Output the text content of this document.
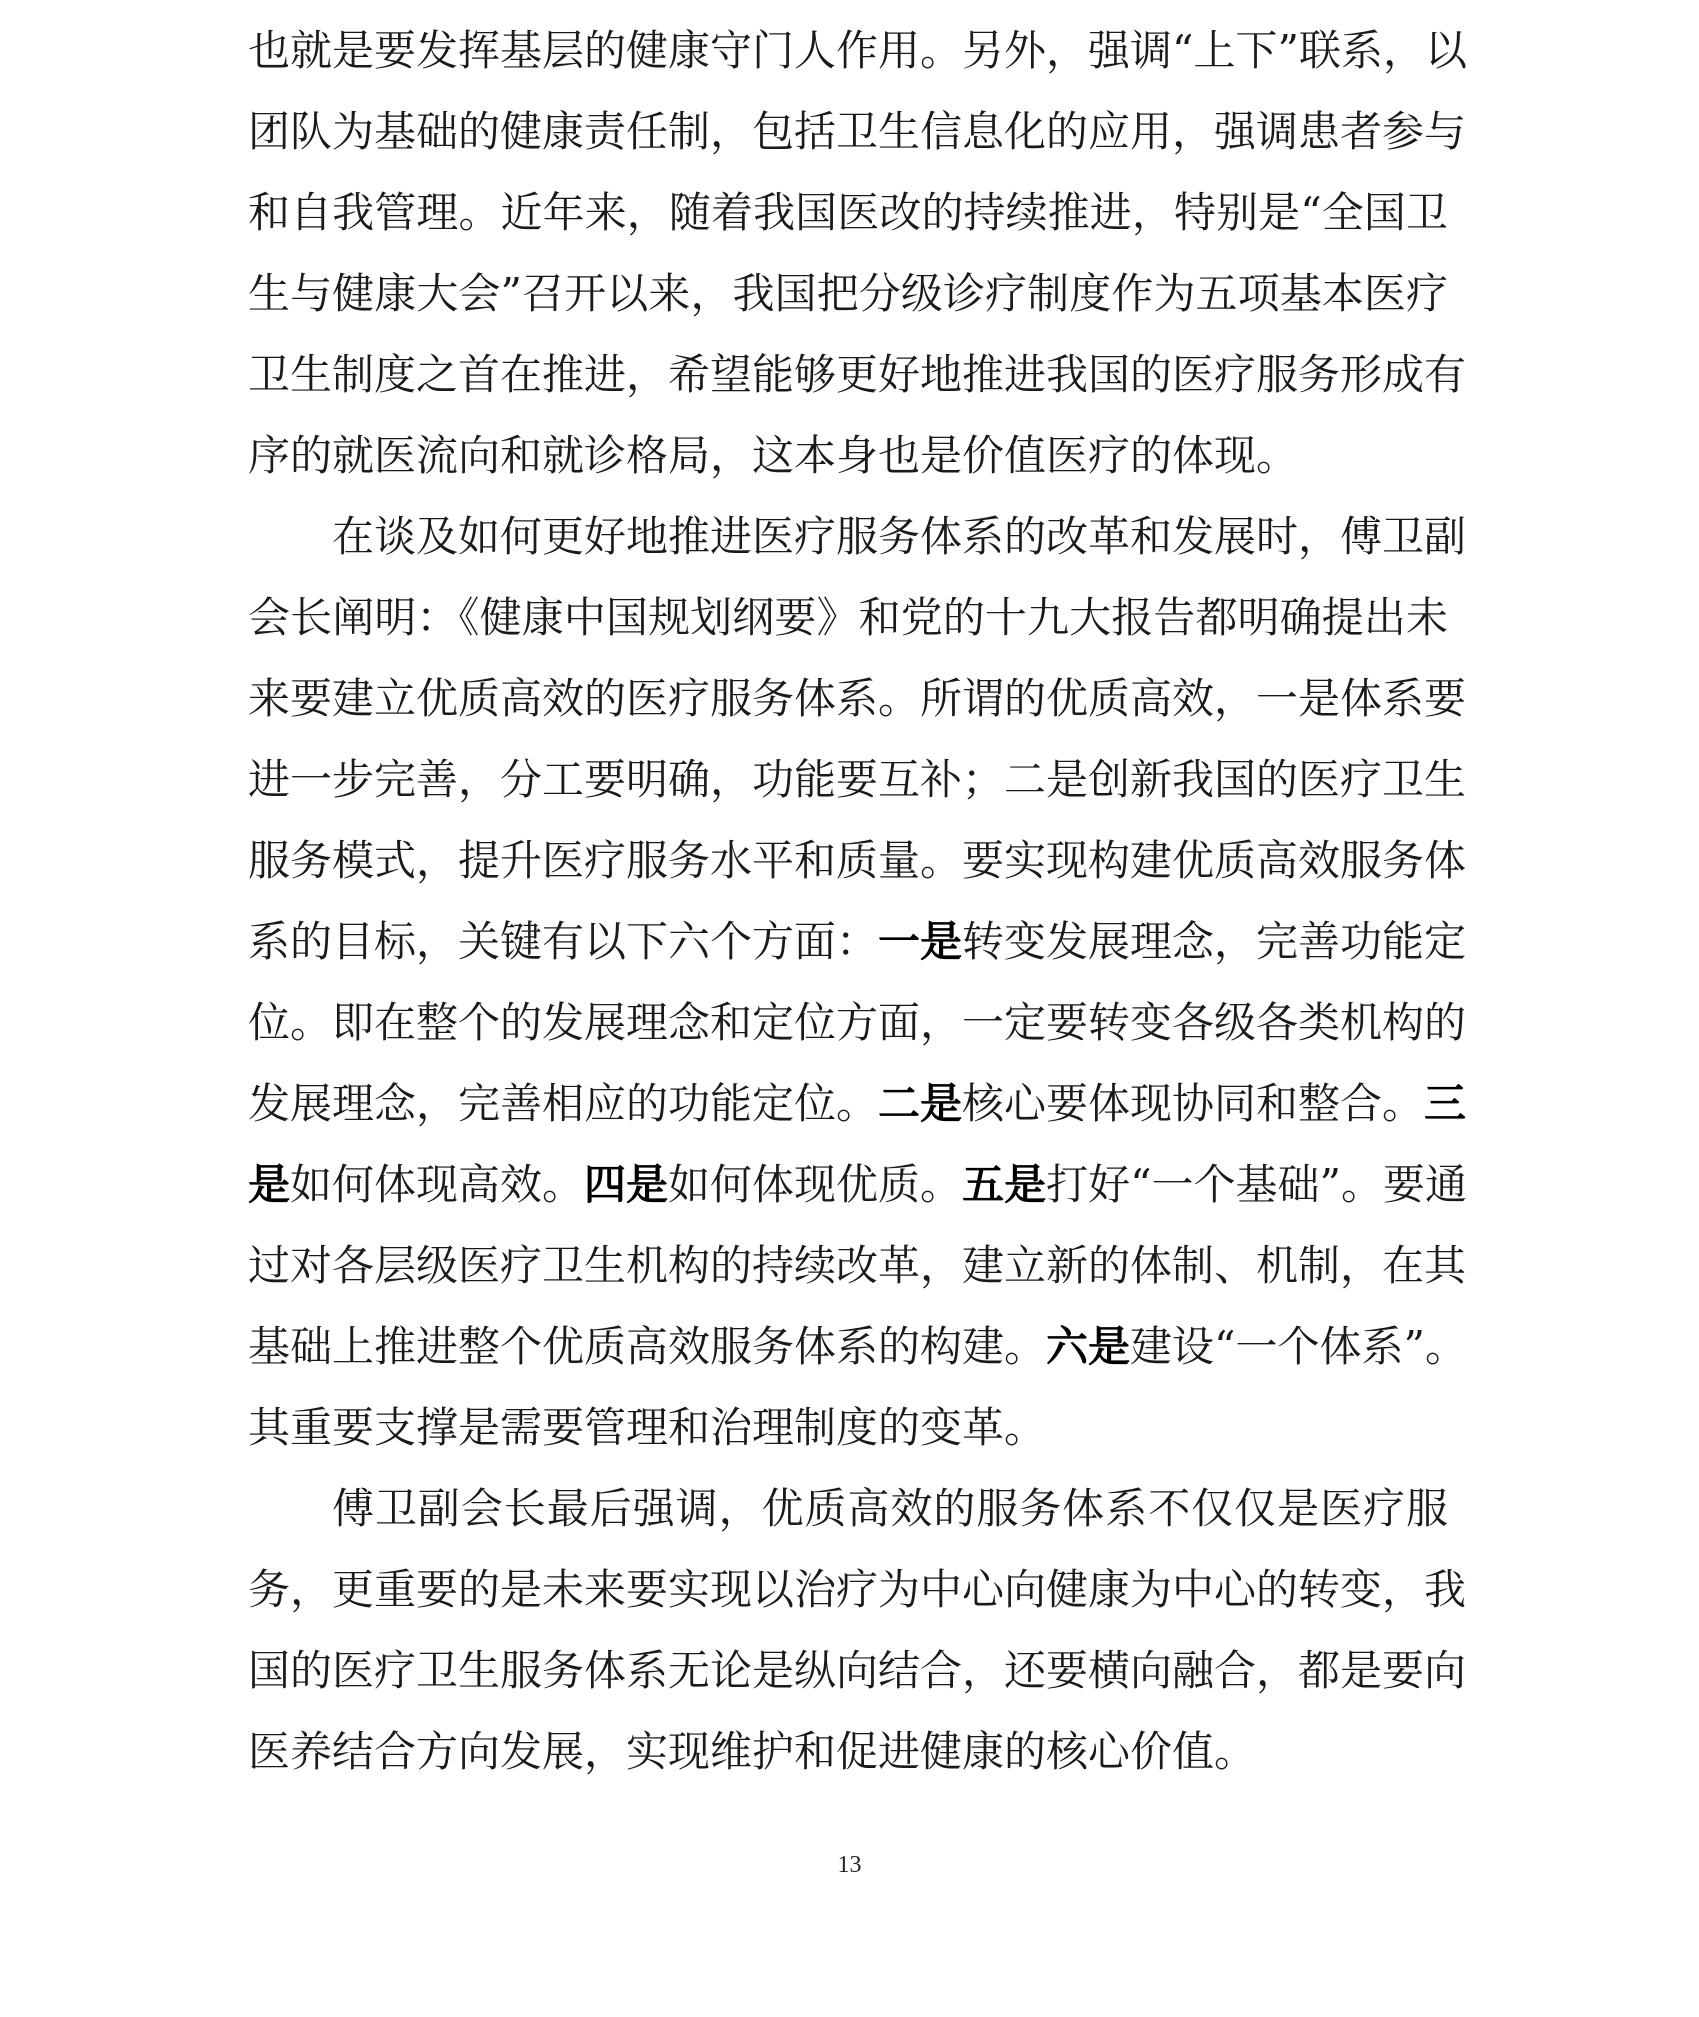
也就是要发挥基层的健康守门人作用。另外，强调“上下”联系，以
团队为基础的健康责任制，包括卫生信息化的应用，强调患者参与
和自我管理。近年来，随着我国医改的持续推进，特别是“全国卫
生与健康大会”召开以来，我国把分级诊疗制度作为五项基本医疗
卫生制度之首在推进，希望能够更好地推进我国的医疗服务形成有
序的就医流向和就诊格局，这本身也是价值医疗的体现。
在谈及如何更好地推进医疗服务体系的改革和发展时，傅卫副
会长阐明：《健康中国规划纲要》和党的十九大报告都明确提出未
来要建立优质高效的医疗服务体系。所谓的优质高效，一是体系要
进一步完善，分工要明确，功能要互补；二是创新我国的医疗卫生
服务模式，提升医疗服务水平和质量。要实现构建优质高效服务体
系的目标，关键有以下六个方面：一是转变发展理念，完善功能定
位。即在整个的发展理念和定位方面，一定要转变各级各类机构的
发展理念，完善相应的功能定位。二是核心要体现协同和整合。三
是如何体现高效。四是如何体现优质。五是打好“一个基础”。要通
过对各层级医疗卫生机构的持续改革，建立新的体制、机制，在其
基础上推进整个优质高效服务体系的构建。六是建设“一个体系”。
其重要支撑是需要管理和治理制度的变革。
傅卫副会长最后强调，优质高效的服务体系不仅仅是医疗服
务，更重要的是未来要实现以治疗为中心向健康为中心的转变，我
国的医疗卫生服务体系无论是纵向结合，还要横向融合，都是要向
医养结合方向发展，实现维护和促进健康的核心价值。
13
